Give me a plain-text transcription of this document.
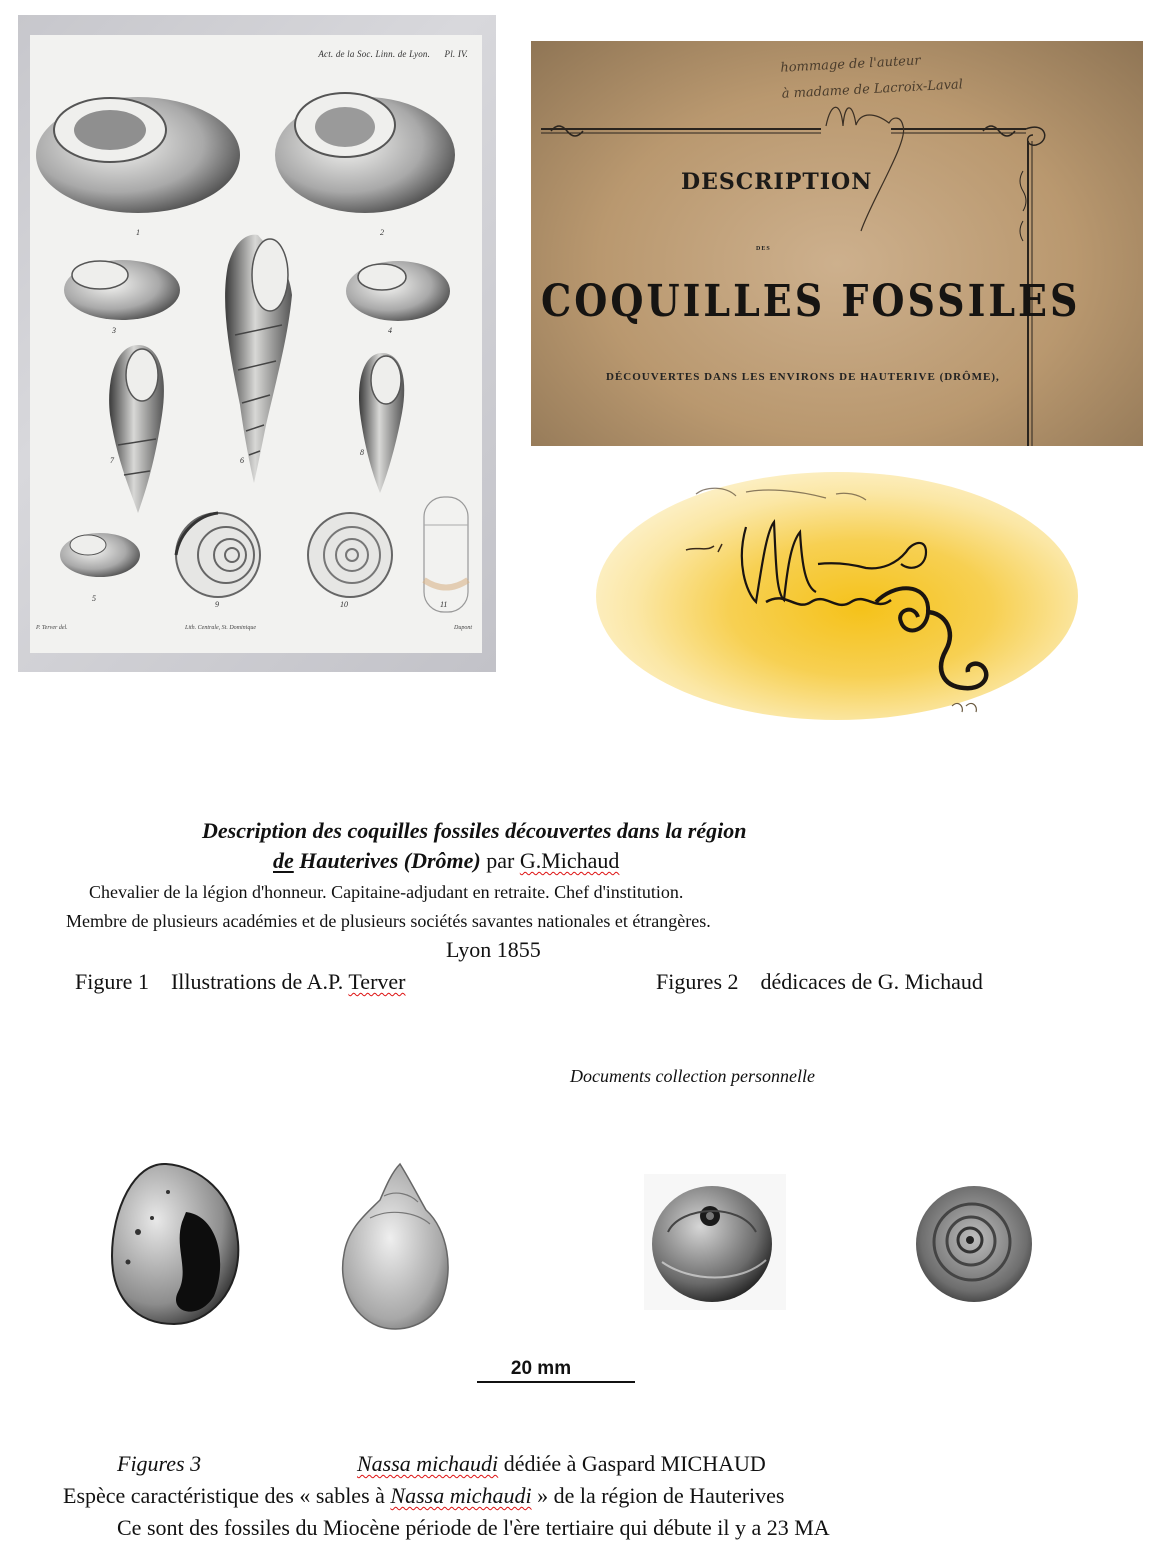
Act. de la Soc. Linn. de Lyon. Pl. IV.
1	2
3	4
5
6
7
8
9	10	11
P. Terver del.	Lith. Centrale, St. Dominique	Dupont
hommage de l'auteur
à madame de Lacroix-Laval
DESCRIPTION
DES
COQUILLES FOSSILES
DÉCOUVERTES DANS LES ENVIRONS DE HAUTERIVE (DRÔME),
Description des coquilles fossiles découvertes dans la région
de Hauterives (Drôme) par G.Michaud
Chevalier de la légion d'honneur. Capitaine-adjudant en retraite. Chef d'institution.
Membre de plusieurs académies et de plusieurs sociétés savantes nationales et étrangères.
Lyon 1855
Figure 1 Illustrations de A.P. Terver	Figures 2 dédicaces de G. Michaud
Documents collection personnelle
20 mm
Figures 3	Nassa michaudi dédiée à Gaspard MICHAUD
Espèce caractéristique des « sables à Nassa michaudi » de la région de Hauterives
Ce sont des fossiles du Miocène période de l'ère tertiaire qui débute il y a 23 MA
